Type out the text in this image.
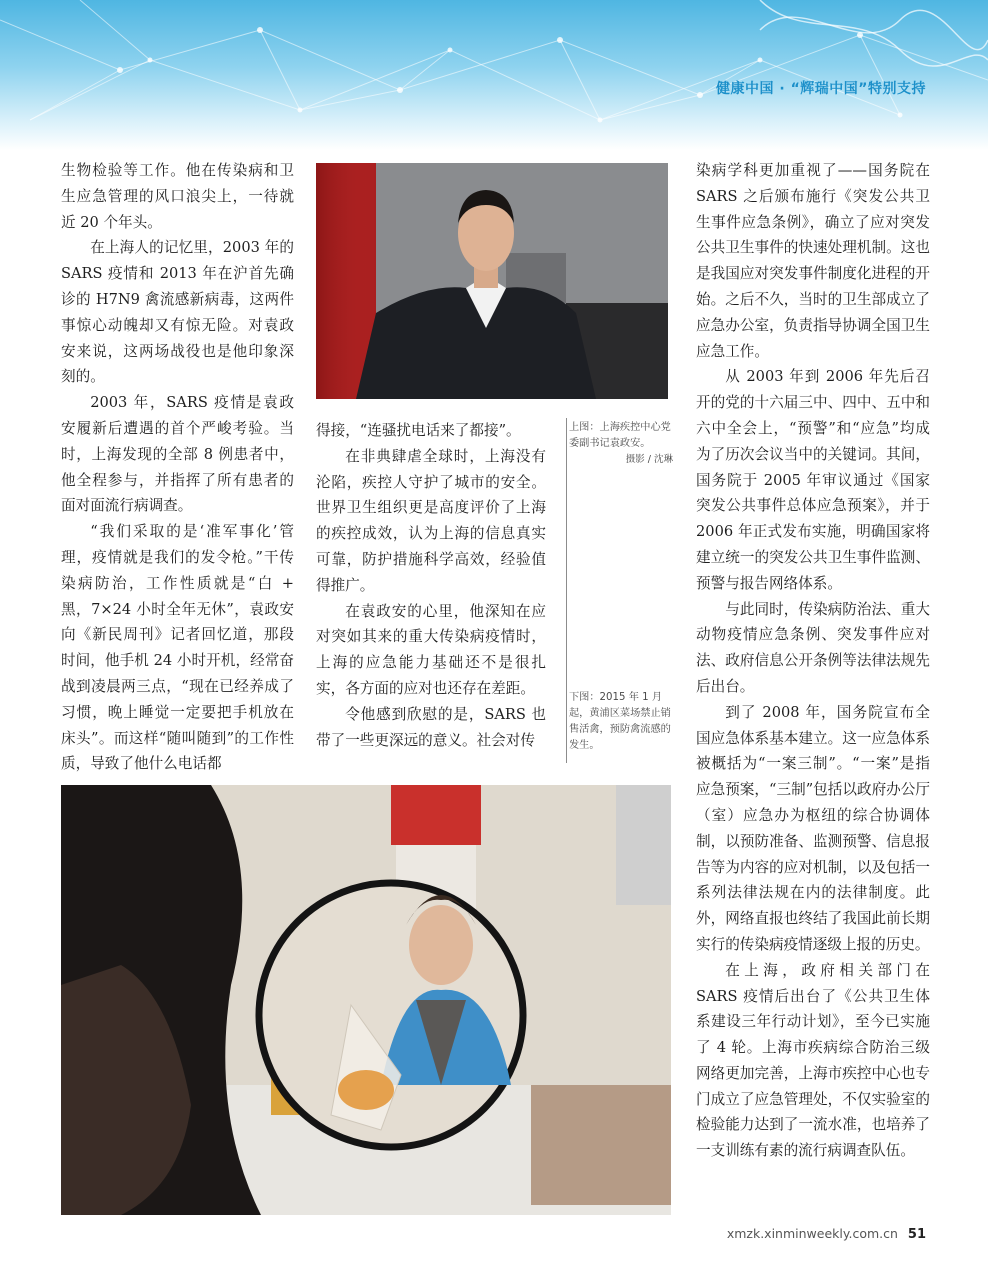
健康中国 · “辉瑞中国”特别支持

生物检验等工作。他在传染病和卫生应急管理的风口浪尖上，一待就近 20 个年头。

在上海人的记忆里，2003 年的 SARS 疫情和 2013 年在沪首先确诊的 H7N9 禽流感新病毒，这两件事惊心动魄却又有惊无险。对袁政安来说，这两场战役也是他印象深刻的。

2003 年，SARS 疫情是袁政安履新后遭遇的首个严峻考验。当时，上海发现的全部 8 例患者中，他全程参与，并指挥了所有患者的面对面流行病调查。

“我们采取的是‘准军事化’管理，疫情就是我们的发令枪。”干传染病防治，工作性质就是“白 + 黑，7×24 小时全年无休”，袁政安向《新民周刊》记者回忆道，那段时间，他手机 24 小时开机，经常奋战到凌晨两三点，“现在已经养成了习惯，晚上睡觉一定要把手机放在床头”。而这样“随叫随到”的工作性质，导致了他什么电话都

得接，“连骚扰电话来了都接”。

在非典肆虐全球时，上海没有沦陷，疾控人守护了城市的安全。世界卫生组织更是高度评价了上海的疾控成效，认为上海的信息真实可靠，防护措施科学高效，经验值得推广。

在袁政安的心里，他深知在应对突如其来的重大传染病疫情时，上海的应急能力基础还不是很扎实，各方面的应对也还存在差距。

令他感到欣慰的是，SARS 也带了一些更深远的意义。社会对传

上图：上海疾控中心党委副书记袁政安。
摄影 / 沈琳
下图：2015 年 1 月起，黄浦区菜场禁止销售活禽，预防禽流感的发生。

染病学科更加重视了——国务院在 SARS 之后颁布施行《突发公共卫生事件应急条例》，确立了应对突发公共卫生事件的快速处理机制。这也是我国应对突发事件制度化进程的开始。之后不久，当时的卫生部成立了应急办公室，负责指导协调全国卫生应急工作。

从 2003 年到 2006 年先后召开的党的十六届三中、四中、五中和六中全会上，“预警”和“应急”均成为了历次会议当中的关键词。其间，国务院于 2005 年审议通过《国家突发公共事件总体应急预案》，并于 2006 年正式发布实施，明确国家将建立统一的突发公共卫生事件监测、预警与报告网络体系。

与此同时，传染病防治法、重大动物疫情应急条例、突发事件应对法、政府信息公开条例等法律法规先后出台。

到了 2008 年，国务院宣布全国应急体系基本建立。这一应急体系被概括为“一案三制”。“一案”是指应急预案，“三制”包括以政府办公厅（室）应急办为枢纽的综合协调体制，以预防准备、监测预警、信息报告等为内容的应对机制，以及包括一系列法律法规在内的法律制度。此外，网络直报也终结了我国此前长期实行的传染病疫情逐级上报的历史。

在上海，政府相关部门在 SARS 疫情后出台了《公共卫生体系建设三年行动计划》，至今已实施了 4 轮。上海市疾病综合防治三级网络更加完善，上海市疾控中心也专门成立了应急管理处，不仅实验室的检验能力达到了一流水准，也培养了一支训练有素的流行病调查队伍。

xmzk.xinminweekly.com.cn 51
